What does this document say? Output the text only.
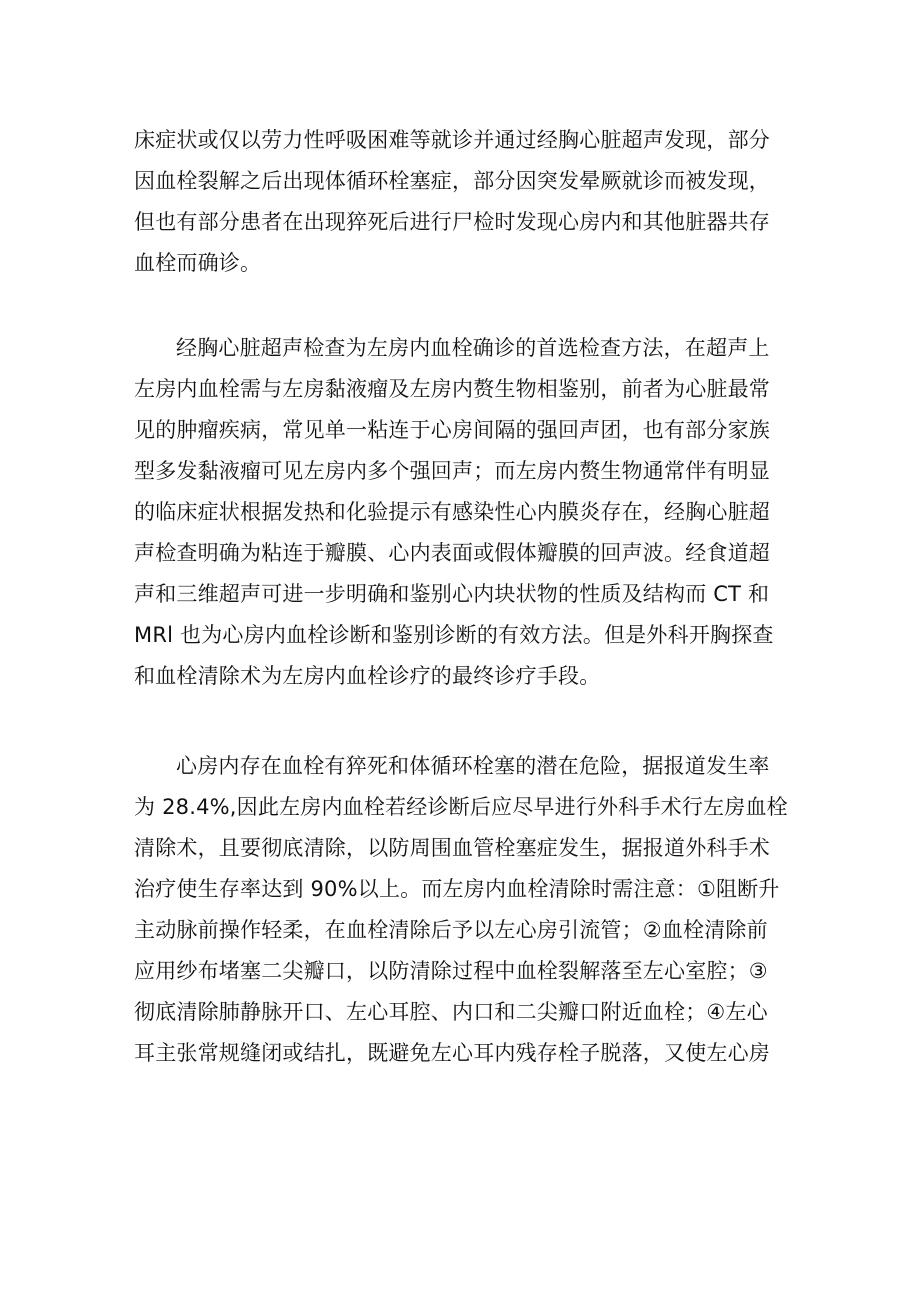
床症状或仅以劳力性呼吸困难等就诊并通过经胸心脏超声发现，部分
因血栓裂解之后出现体循环栓塞症，部分因突发晕厥就诊而被发现，
但也有部分患者在出现猝死后进行尸检时发现心房内和其他脏器共存
血栓而确诊。
经胸心脏超声检查为左房内血栓确诊的首选检查方法，在超声上
左房内血栓需与左房黏液瘤及左房内赘生物相鉴别，前者为心脏最常
见的肿瘤疾病，常见单一粘连于心房间隔的强回声团，也有部分家族
型多发黏液瘤可见左房内多个强回声；而左房内赘生物通常伴有明显
的临床症状根据发热和化验提示有感染性心内膜炎存在，经胸心脏超
声检查明确为粘连于瓣膜、心内表面或假体瓣膜的回声波。经食道超
声和三维超声可进一步明确和鉴别心内块状物的性质及结构而 CT 和
MRl 也为心房内血栓诊断和鉴别诊断的有效方法。但是外科开胸探查
和血栓清除术为左房内血栓诊疗的最终诊疗手段。
心房内存在血栓有猝死和体循环栓塞的潜在危险，据报道发生率
为 28.4%,因此左房内血栓若经诊断后应尽早进行外科手术行左房血栓
清除术，且要彻底清除，以防周围血管栓塞症发生，据报道外科手术
治疗使生存率达到 90%以上。而左房内血栓清除时需注意：①阻断升
主动脉前操作轻柔，在血栓清除后予以左心房引流管；②血栓清除前
应用纱布堵塞二尖瓣口，以防清除过程中血栓裂解落至左心室腔；③
彻底清除肺静脉开口、左心耳腔、内口和二尖瓣口附近血栓；④左心
耳主张常规缝闭或结扎，既避免左心耳内残存栓子脱落，又使左心房
